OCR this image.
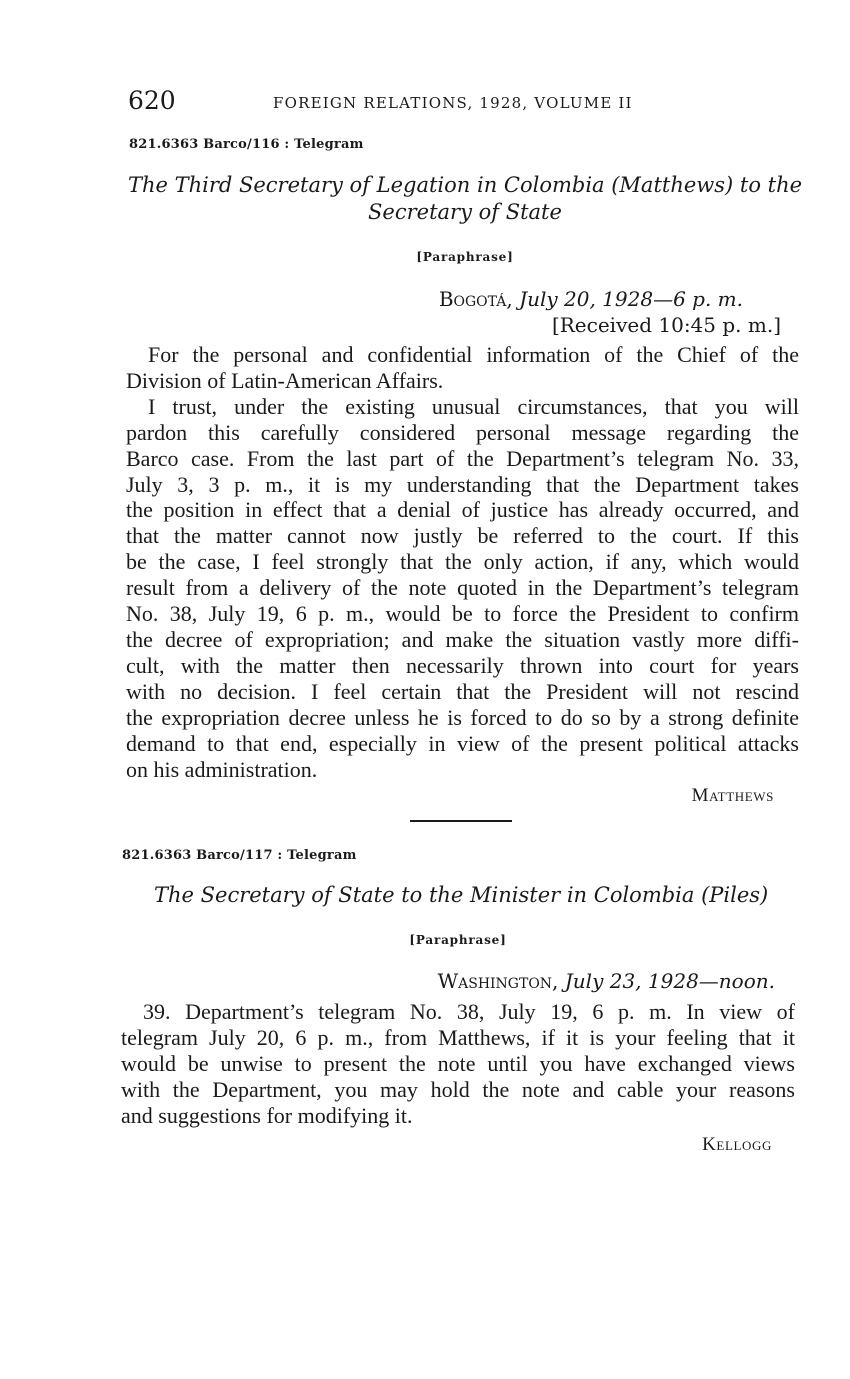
620	FOREIGN RELATIONS, 1928, VOLUME II
821.6363 Barco/116 : Telegram
The Third Secretary of Legation in Colombia (Matthews) to the
Secretary of State
[Paraphrase]
Bogotá, July 20, 1928—6 p. m.
[Received 10:45 p. m.]
For the personal and confidential information of the Chief of the
Division of Latin-American Affairs.
I trust, under the existing unusual circumstances, that you will
pardon this carefully considered personal message regarding the
Barco case. From the last part of the Department’s telegram No. 33,
July 3, 3 p. m., it is my understanding that the Department takes
the position in effect that a denial of justice has already occurred, and
that the matter cannot now justly be referred to the court. If this
be the case, I feel strongly that the only action, if any, which would
result from a delivery of the note quoted in the Department’s telegram
No. 38, July 19, 6 p. m., would be to force the President to confirm
the decree of expropriation; and make the situation vastly more diffi-
cult, with the matter then necessarily thrown into court for years
with no decision. I feel certain that the President will not rescind
the expropriation decree unless he is forced to do so by a strong definite
demand to that end, especially in view of the present political attacks
on his administration.
Matthews
821.6363 Barco/117 : Telegram
The Secretary of State to the Minister in Colombia (Piles)
[Paraphrase]
Washington, July 23, 1928—noon.
39. Department’s telegram No. 38, July 19, 6 p. m. In view of
telegram July 20, 6 p. m., from Matthews, if it is your feeling that it
would be unwise to present the note until you have exchanged views
with the Department, you may hold the note and cable your reasons
and suggestions for modifying it.
Kellogg
